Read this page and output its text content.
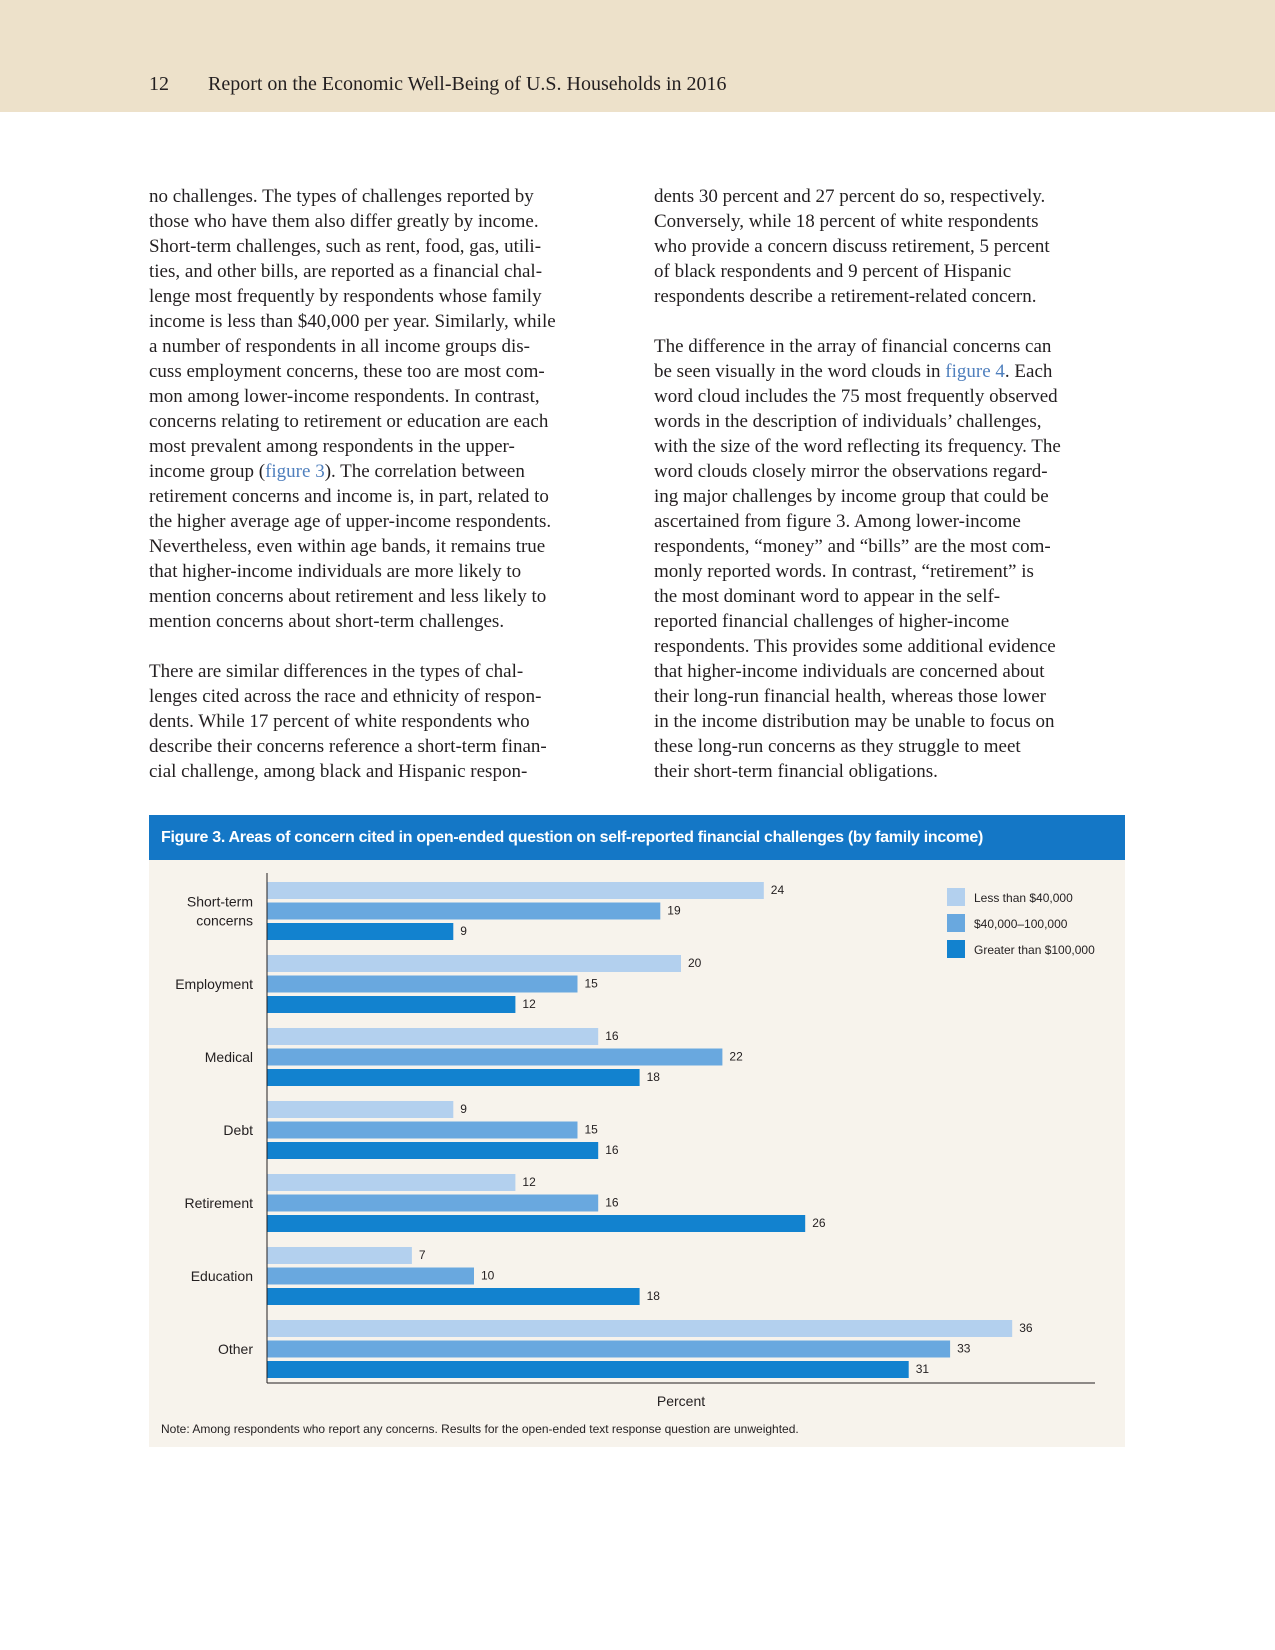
12 Report on the Economic Well-Being of U.S. Households in 2016
no challenges. The types of challenges reported by
those who have them also differ greatly by income.
Short-term challenges, such as rent, food, gas, utili-
ties, and other bills, are reported as a financial chal-
lenge most frequently by respondents whose family
income is less than $40,000 per year. Similarly, while
a number of respondents in all income groups dis-
cuss employment concerns, these too are most com-
mon among lower-income respondents. In contrast,
concerns relating to retirement or education are each
most prevalent among respondents in the upper-
income group (figure 3). The correlation between
retirement concerns and income is, in part, related to
the higher average age of upper-income respondents.
Nevertheless, even within age bands, it remains true
that higher-income individuals are more likely to
mention concerns about retirement and less likely to
mention concerns about short-term challenges.
There are similar differences in the types of chal-
lenges cited across the race and ethnicity of respon-
dents. While 17 percent of white respondents who
describe their concerns reference a short-term finan-
cial challenge, among black and Hispanic respon-
dents 30 percent and 27 percent do so, respectively.
Conversely, while 18 percent of white respondents
who provide a concern discuss retirement, 5 percent
of black respondents and 9 percent of Hispanic
respondents describe a retirement-related concern.
The difference in the array of financial concerns can
be seen visually in the word clouds in figure 4. Each
word cloud includes the 75 most frequently observed
words in the description of individuals’ challenges,
with the size of the word reflecting its frequency. The
word clouds closely mirror the observations regard-
ing major challenges by income group that could be
ascertained from figure 3. Among lower-income
respondents, “money” and “bills” are the most com-
monly reported words. In contrast, “retirement” is
the most dominant word to appear in the self-
reported financial challenges of higher-income
respondents. This provides some additional evidence
that higher-income individuals are concerned about
their long-run financial health, whereas those lower
in the income distribution may be unable to focus on
these long-run concerns as they struggle to meet
their short-term financial obligations.
Figure 3. Areas of concern cited in open-ended question on self-reported financial challenges (by family income)
Short-term
concerns
24
19
9
Employment
20
15
12
Medical
16
22
18
Debt
9
15
16
Retirement
12
16
26
Education
7
10
18
Other
36
33
31
Percent
Less than $40,000
$40,000–100,000
Greater than $100,000
Note: Among respondents who report any concerns. Results for the open-ended text response question are unweighted.
